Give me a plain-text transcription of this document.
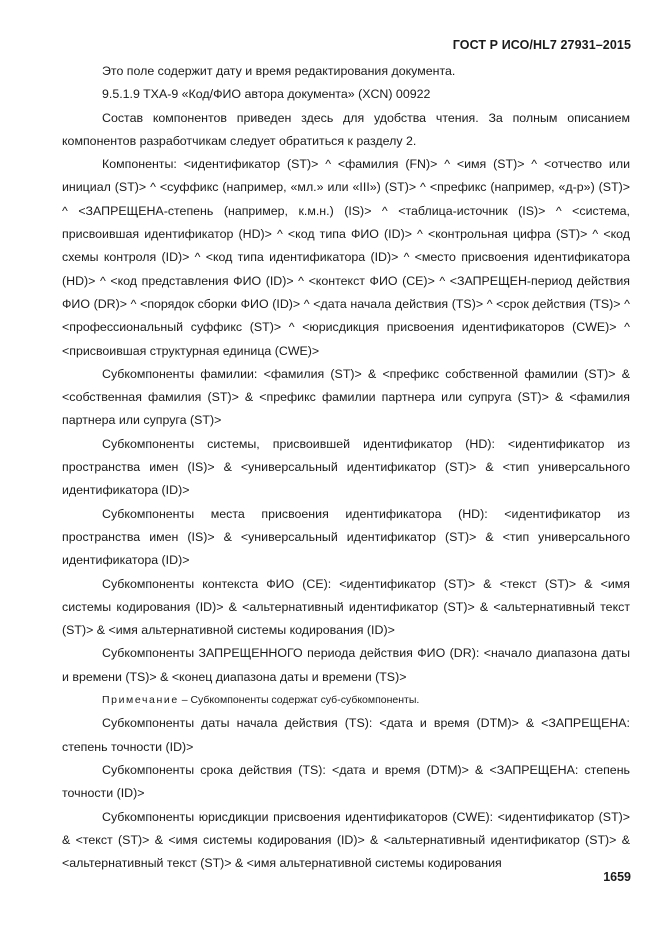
ГОСТ Р ИСО/HL7 27931–2015

Это поле содержит дату и время редактирования документа.

9.5.1.9 TXA-9 «Код/ФИО автора документа» (XCN) 00922

Состав компонентов приведен здесь для удобства чтения. За полным описанием компонентов разработчикам следует обратиться к разделу 2.

Компоненты: <идентификатор (ST)> ^ <фамилия (FN)> ^ <имя (ST)> ^ <отчество или инициал (ST)> ^ <суффикс (например, «мл.» или «III») (ST)> ^ <префикс (например, «д-р») (ST)> ^ <ЗАПРЕЩЕНА-степень (например, к.м.н.) (IS)> ^ <таблица-источник (IS)> ^ <система, присвоившая идентификатор (HD)> ^ <код типа ФИО (ID)> ^ <контрольная цифра (ST)> ^ <код схемы контроля (ID)> ^ <код типа идентификатора (ID)> ^ <место присвоения идентификатора (HD)> ^ <код представления ФИО (ID)> ^ <контекст ФИО (CE)> ^ <ЗАПРЕЩЕН-период действия ФИО (DR)> ^ <порядок сборки ФИО (ID)> ^ <дата начала действия (TS)> ^ <срок действия (TS)> ^ <профессиональный суффикс (ST)> ^ <юрисдикция присвоения идентификаторов (CWE)> ^ <присвоившая структурная единица (CWE)>

Субкомпоненты фамилии: <фамилия (ST)> & <префикс собственной фамилии (ST)> & <собственная фамилия (ST)> & <префикс фамилии партнера или супруга (ST)> & <фамилия партнера или супруга (ST)>

Субкомпоненты системы, присвоившей идентификатор (HD): <идентификатор из пространства имен (IS)> & <универсальный идентификатор (ST)> & <тип универсального идентификатора (ID)>

Субкомпоненты места присвоения идентификатора (HD): <идентификатор из пространства имен (IS)> & <универсальный идентификатор (ST)> & <тип универсального идентификатора (ID)>

Субкомпоненты контекста ФИО (CE): <идентификатор (ST)> & <текст (ST)> & <имя системы кодирования (ID)> & <альтернативный идентификатор (ST)> & <альтернативный текст (ST)> & <имя альтернативной системы кодирования (ID)>

Субкомпоненты ЗАПРЕЩЕННОГО периода действия ФИО (DR): <начало диапазона даты и времени (TS)> & <конец диапазона даты и времени (TS)>

Примечание – Субкомпоненты содержат суб-субкомпоненты.

Субкомпоненты даты начала действия (TS): <дата и время (DTM)> & <ЗАПРЕЩЕНА: степень точности (ID)>

Субкомпоненты срока действия (TS): <дата и время (DTM)> & <ЗАПРЕЩЕНА: степень точности (ID)>

Субкомпоненты юрисдикции присвоения идентификаторов (CWE): <идентификатор (ST)> & <текст (ST)> & <имя системы кодирования (ID)> & <альтернативный идентификатор (ST)> & <альтернативный текст (ST)> & <имя альтернативной системы кодирования

1659
